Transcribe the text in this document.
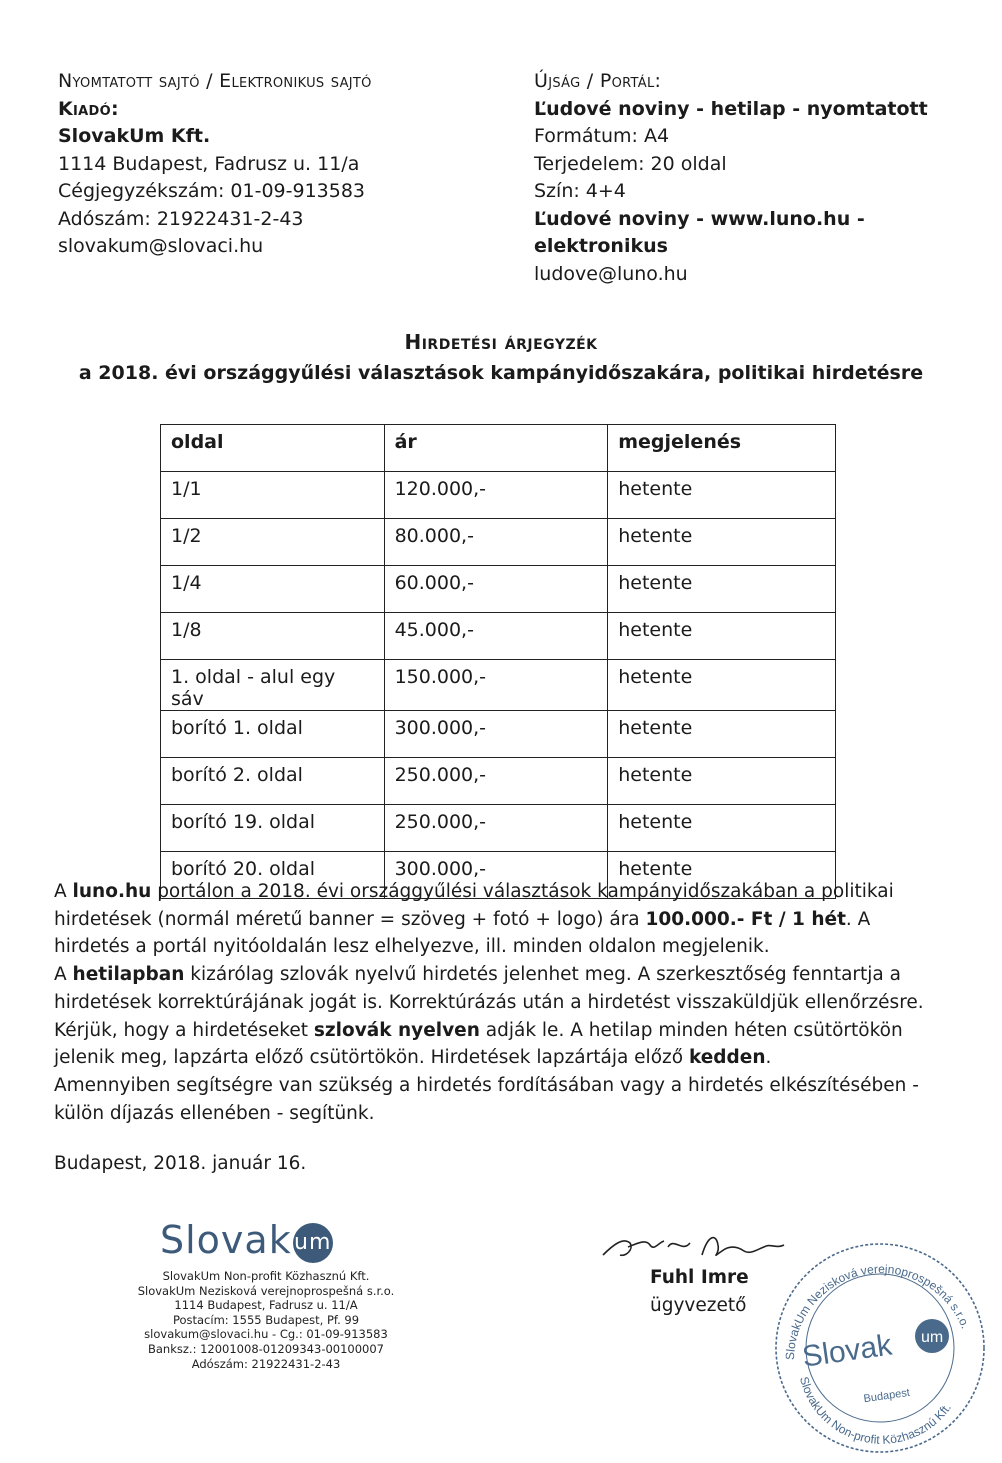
Nyomtatott sajtó / Elektronikus sajtó
Kiadó:
SlovakUm Kft.
1114 Budapest, Fadrusz u. 11/a
Cégjegyzékszám: 01-09-913583
Adószám: 21922431-2-43
slovakum@slovaci.hu
Újság / Portál:
Ľudové noviny - hetilap - nyomtatott
Formátum: A4
Terjedelem: 20 oldal
Szín: 4+4
Ľudové noviny - www.luno.hu - elektronikus
ludove@luno.hu
Hirdetési árjegyzék
a 2018. évi országgyűlési választások kampányidőszakára, politikai hirdetésre
oldal	ár	megjelenés
1/1	120.000,-	hetente
1/2	80.000,-	hetente
1/4	60.000,-	hetente
1/8	45.000,-	hetente
1. oldal - alul egy sáv	150.000,-	hetente
borító 1. oldal	300.000,-	hetente
borító 2. oldal	250.000,-	hetente
borító 19. oldal	250.000,-	hetente
borító 20. oldal	300.000,-	hetente

A luno.hu portálon a 2018. évi országgyűlési választások kampányidőszakában a politikai hirdetések (normál méretű banner = szöveg + fotó + logo) ára 100.000.- Ft / 1 hét. A hirdetés a portál nyitóoldalán lesz elhelyezve, ill. minden oldalon megjelenik.

A hetilapban kizárólag szlovák nyelvű hirdetés jelenhet meg. A szerkesztőség fenntartja a hirdetések korrektúrájának jogát is. Korrektúrázás után a hirdetést visszaküldjük ellenőrzésre. Kérjük, hogy a hirdetéseket szlovák nyelven adják le. A hetilap minden héten csütörtökön jelenik meg, lapzárta előző csütörtökön. Hirdetések lapzártája előző kedden.

Amennyiben segítségre van szükség a hirdetés fordításában vagy a hirdetés elkészítésében - külön díjazás ellenében - segítünk.

Budapest, 2018. január 16.
Slovak um
SlovakUm Non-profit Közhasznú Kft.
SlovakUm Nezisková verejnoprospešná s.r.o.
1114 Budapest, Fadrusz u. 11/A
Postacím: 1555 Budapest, Pf. 99
slovakum@slovaci.hu - Cg.: 01-09-913583
Banksz.: 12001008-01209343-00100007
Adószám: 21922431-2-43
Fuhl Imre
ügyvezető
SlovakUm Nezisková verejnoprospešná s.r.o.
SlovakUm Non-profit Közhasznú Kft.
Slovak um
Budapest
